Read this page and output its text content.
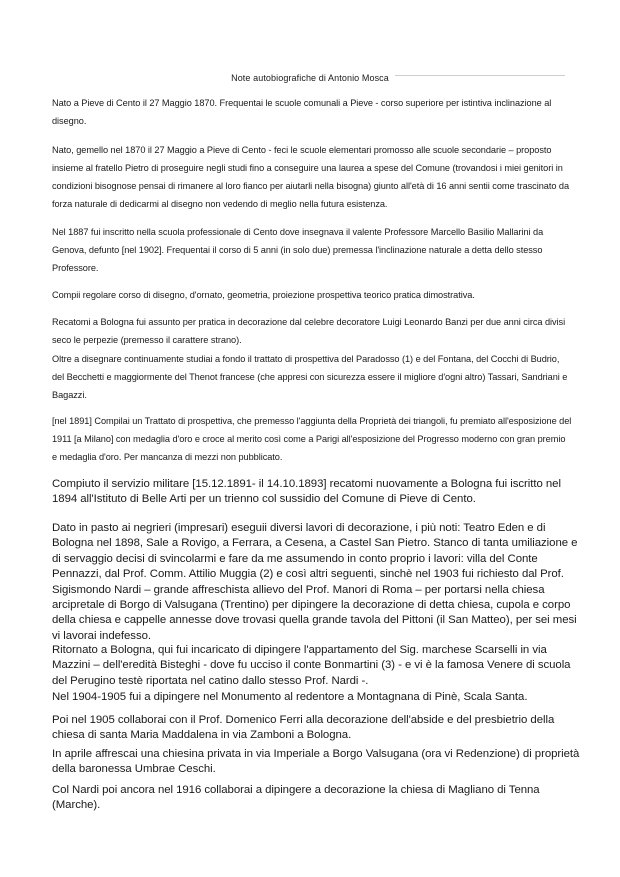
Note autobiografiche di Antonio Mosca

Nato a Pieve di Cento il 27 Maggio 1870. Frequentai le scuole comunali a Pieve - corso superiore per istintiva inclinazione al disegno.

Nato, gemello nel 1870 il 27 Maggio a Pieve di Cento - feci le scuole elementari promosso alle scuole secondarie – proposto insieme al fratello Pietro di proseguire negli studi fino a conseguire una laurea a spese del Comune (trovandosi i miei genitori in condizioni bisognose pensai di rimanere al loro fianco per aiutarli nella bisogna) giunto all'età di 16 anni sentii come trascinato da forza naturale di dedicarmi al disegno non vedendo di meglio nella futura esistenza.

Nel 1887 fui inscritto nella scuola professionale di Cento dove insegnava il valente Professore Marcello Basilio Mallarini da Genova, defunto [nel 1902]. Frequentai il corso di 5 anni (in solo due) premessa l'inclinazione naturale a detta dello stesso Professore.

Compii regolare corso di disegno, d'ornato, geometria, proiezione prospettiva teorico pratica dimostrativa.

Recatomi a Bologna fui assunto per pratica in decorazione dal celebre decoratore Luigi Leonardo Banzi per due anni circa divisi seco le perpezie (premesso il carattere strano).

Oltre a disegnare continuamente studiai a fondo il trattato di prospettiva del Paradosso (1) e del Fontana, del Cocchi di Budrio, del Becchetti e maggiormente del Thenot francese (che appresi con sicurezza essere il migliore d'ogni altro) Tassari, Sandriani e Bagazzi.

[nel 1891] Compilai un Trattato di prospettiva, che premesso l'aggiunta della Proprietà dei triangoli, fu premiato all'esposizione del 1911 [a Milano] con medaglia d'oro e croce al merito così come a Parigi all'esposizione del Progresso moderno con gran premio e medaglia d'oro. Per mancanza di mezzi non pubblicato.

Compiuto il servizio militare [15.12.1891- il 14.10.1893] recatomi nuovamente a Bologna fui iscritto nel 1894 all'Istituto di Belle Arti per un trienno col sussidio del Comune di Pieve di Cento.

Dato in pasto ai negrieri (impresari) eseguii diversi lavori di decorazione, i più noti: Teatro Eden e di Bologna nel 1898, Sale a Rovigo, a Ferrara, a Cesena, a Castel San Pietro. Stanco di tanta umiliazione e di servaggio decisi di svincolarmi e fare da me assumendo in conto proprio i lavori: villa del Conte Pennazzi, dal Prof. Comm. Attilio Muggia (2) e così altri seguenti, sinchè nel 1903 fui richiesto dal Prof. Sigismondo Nardi – grande affreschista allievo del Prof. Manori di Roma – per portarsi nella chiesa arcipretale di Borgo di Valsugana (Trentino) per dipingere la decorazione di detta chiesa, cupola e corpo della chiesa e cappelle annesse dove trovasi quella grande tavola del Pittoni (il San Matteo), per sei mesi vi lavorai indefesso.

Ritornato a Bologna, qui fui incaricato di dipingere l'appartamento del Sig. marchese Scarselli in via Mazzini – dell'eredità Bisteghi - dove fu ucciso il conte Bonmartini (3) - e vi è la famosa Venere di scuola del Perugino testè riportata nel catino dallo stesso Prof. Nardi -.

Nel 1904-1905 fui a dipingere nel Monumento al redentore a Montagnana di Pinè, Scala Santa.

Poi nel 1905 collaborai con il Prof. Domenico Ferri alla decorazione dell'abside e del presbietrio della chiesa di santa Maria Maddalena in via Zamboni a Bologna.

In aprile affrescai una chiesina privata in via Imperiale a Borgo Valsugana (ora vi Redenzione) di proprietà della baronessa Umbrae Ceschi.

Col Nardi poi ancora nel 1916 collaborai a dipingere a decorazione la chiesa di Magliano di Tenna (Marche).
